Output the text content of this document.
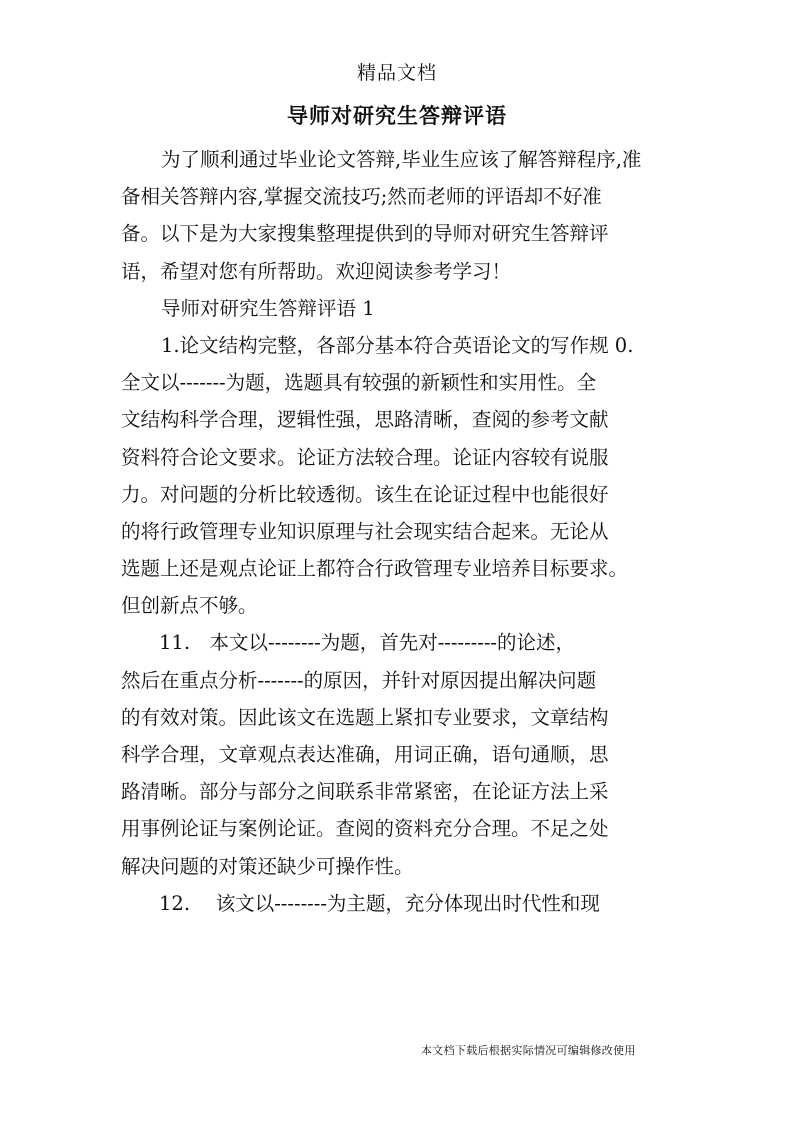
精品文档
导师对研究生答辩评语
为了顺利通过毕业论文答辩,毕业生应该了解答辩程序,准
备相关答辩内容,掌握交流技巧;然而老师的评语却不好准
备。以下是为大家搜集整理提供到的导师对研究生答辩评
语，希望对您有所帮助。欢迎阅读参考学习！
导师对研究生答辩评语 1
1.论文结构完整，各部分基本符合英语论文的写作规 0.
全文以-------为题，选题具有较强的新颖性和实用性。全
文结构科学合理，逻辑性强，思路清晰，查阅的参考文献
资料符合论文要求。论证方法较合理。论证内容较有说服
力。对问题的分析比较透彻。该生在论证过程中也能很好
的将行政管理专业知识原理与社会现实结合起来。无论从
选题上还是观点论证上都符合行政管理专业培养目标要求。
但创新点不够。
11.　本文以--------为题，首先对---------的论述，
然后在重点分析-------的原因，并针对原因提出解决问题
的有效对策。因此该文在选题上紧扣专业要求，文章结构
科学合理，文章观点表达准确，用词正确，语句通顺，思
路清晰。部分与部分之间联系非常紧密，在论证方法上采
用事例论证与案例论证。查阅的资料充分合理。不足之处
解决问题的对策还缺少可操作性。
12.　 该文以--------为主题，充分体现出时代性和现
本文档下载后根据实际情况可编辑修改使用
